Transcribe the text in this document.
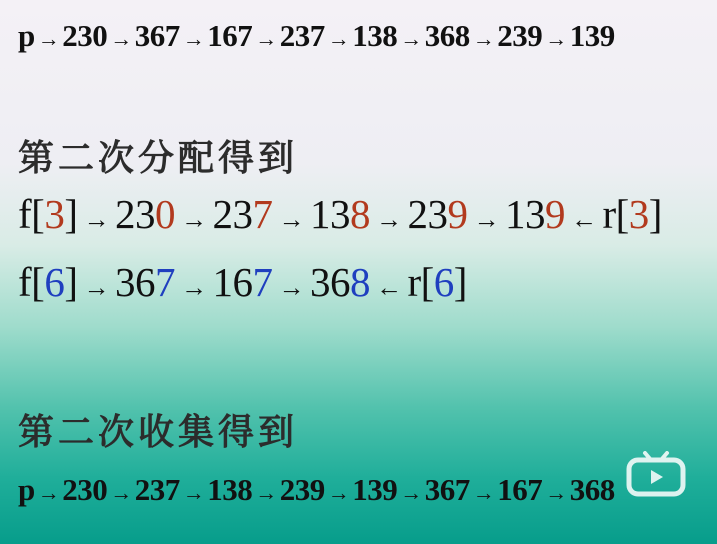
p → 230 → 367 → 167 → 237 → 138 → 368 → 239 → 139
第二次分配得到
f [ 3 ] → 230 → 237 → 138 → 239 → 139 ← r [ 3 ]
f [ 6 ] → 367 → 167 → 368 ← r [ 6 ]
第二次收集得到
p → 230 → 237 → 138 → 239 → 139 → 367 → 167 → 368
